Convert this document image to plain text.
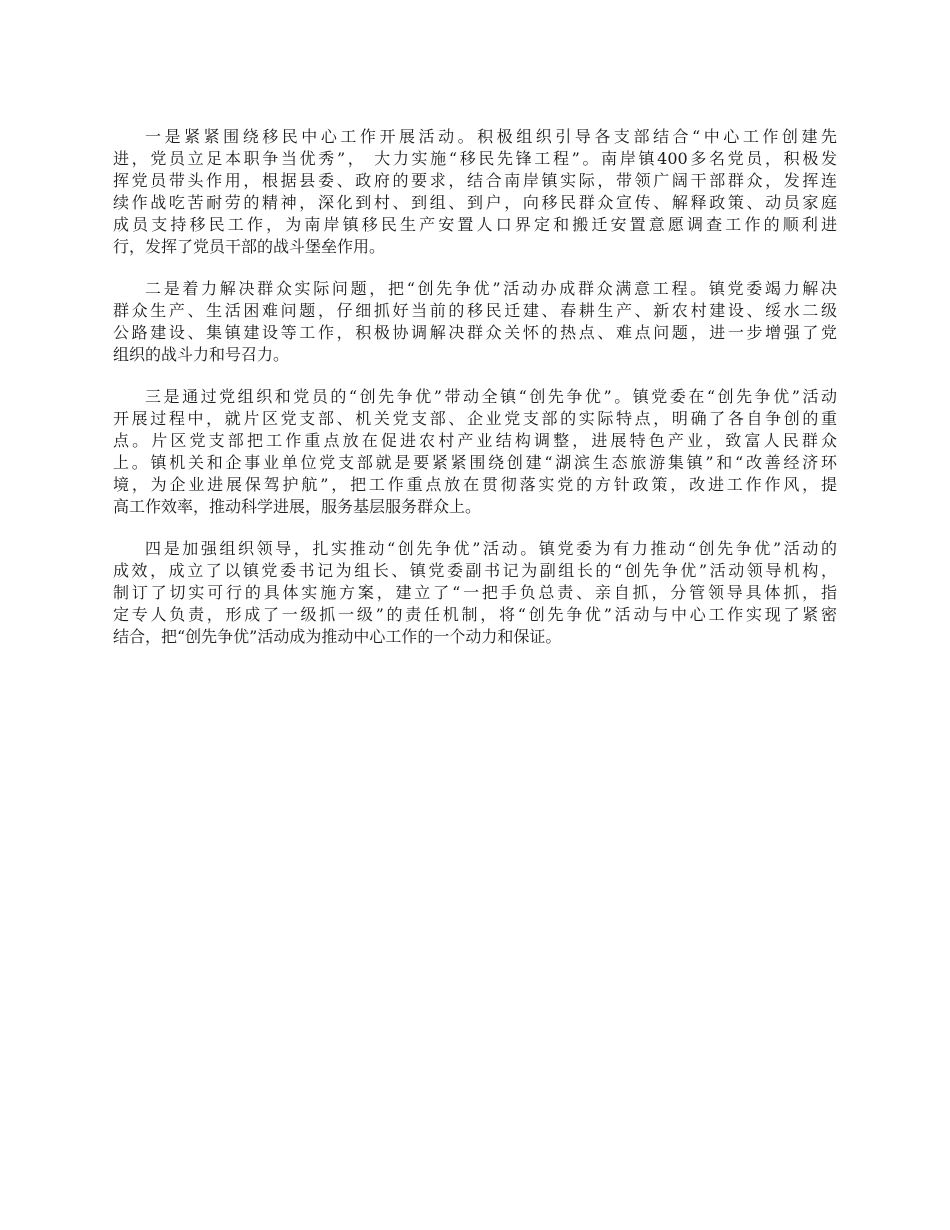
一是紧紧围绕移民中心工作开展活动。积极组织引导各支部结合“中心工作创建先
进，党员立足本职争当优秀”， 大力实施“移民先锋工程”。南岸镇400多名党员，积极发
挥党员带头作用，根据县委、政府的要求，结合南岸镇实际，带领广阔干部群众，发挥连
续作战吃苦耐劳的精神，深化到村、到组、到户，向移民群众宣传、解释政策、动员家庭
成员支持移民工作，为南岸镇移民生产安置人口界定和搬迁安置意愿调查工作的顺利进
行，发挥了党员干部的战斗堡垒作用。

二是着力解决群众实际问题，把“创先争优”活动办成群众满意工程。镇党委竭力解决
群众生产、生活困难问题，仔细抓好当前的移民迁建、春耕生产、新农村建设、绥水二级
公路建设、集镇建设等工作，积极协调解决群众关怀的热点、难点问题，进一步增强了党
组织的战斗力和号召力。

三是通过党组织和党员的“创先争优”带动全镇“创先争优”。镇党委在“创先争优”活动
开展过程中，就片区党支部、机关党支部、企业党支部的实际特点，明确了各自争创的重
点。片区党支部把工作重点放在促进农村产业结构调整，进展特色产业，致富人民群众
上。镇机关和企事业单位党支部就是要紧紧围绕创建“湖滨生态旅游集镇”和“改善经济环
境，为企业进展保驾护航”，把工作重点放在贯彻落实党的方针政策，改进工作作风，提
高工作效率，推动科学进展，服务基层服务群众上。

四是加强组织领导，扎实推动“创先争优”活动。镇党委为有力推动“创先争优”活动的
成效，成立了以镇党委书记为组长、镇党委副书记为副组长的“创先争优”活动领导机构，
制订了切实可行的具体实施方案，建立了“一把手负总责、亲自抓，分管领导具体抓，指
定专人负责，形成了一级抓一级”的责任机制，将“创先争优”活动与中心工作实现了紧密
结合，把“创先争优”活动成为推动中心工作的一个动力和保证。
